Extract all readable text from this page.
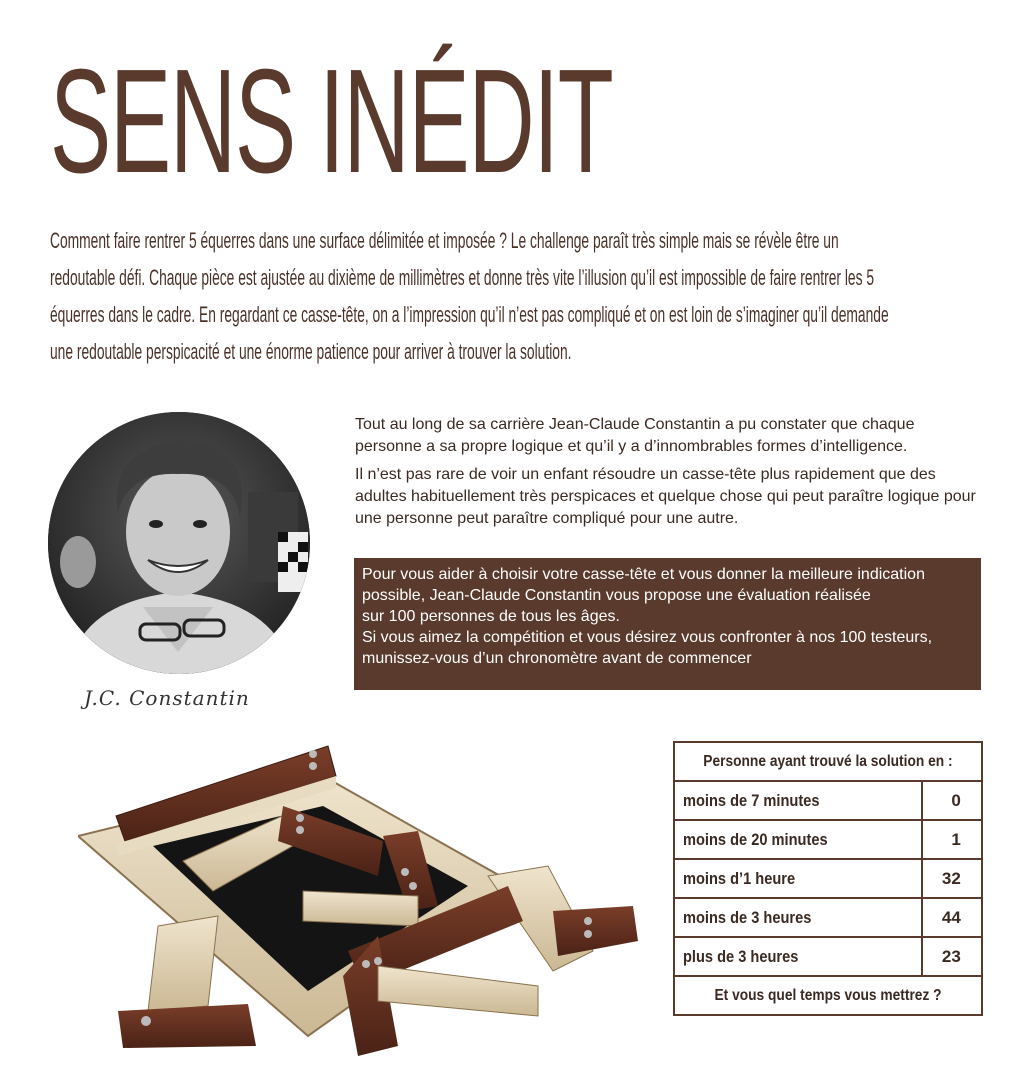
SENS INÉDIT
Comment faire rentrer 5 équerres dans une surface délimitée et imposée ? Le challenge paraît très simple mais se révèle être un
redoutable défi. Chaque pièce est ajustée au dixième de millimètres et donne très vite l’illusion qu’il est impossible de faire rentrer les 5
équerres dans le cadre. En regardant ce casse-tête, on a l’impression qu’il n’est pas compliqué et on est loin de s’imaginer qu’il demande
une redoutable perspicacité et une énorme patience pour arriver à trouver la solution.
J.C. Constantin

Tout au long de sa carrière Jean-Claude Constantin a pu constater que chaque personne a sa propre logique et qu’il y a d’innombrables formes d’intelligence.

Il n’est pas rare de voir un enfant résoudre un casse-tête plus rapidement que des adultes habituellement très perspicaces et quelque chose qui peut paraître logique pour une personne peut paraître compliqué pour une autre.

Pour vous aider à choisir votre casse-tête et vous donner la meilleure indication
possible, Jean-Claude Constantin vous propose une évaluation réalisée
sur 100 personnes de tous les âges.
Si vous aimez la compétition et vous désirez vous confronter à nos 100 testeurs,
munissez-vous d’un chronomètre avant de commencer
Personne ayant trouvé la solution en :	
moins de 7 minutes	0
moins de 20 minutes	1
moins d’1 heure	32
moins de 3 heures	44
plus de 3 heures	23
Et vous quel temps vous mettrez ?	
